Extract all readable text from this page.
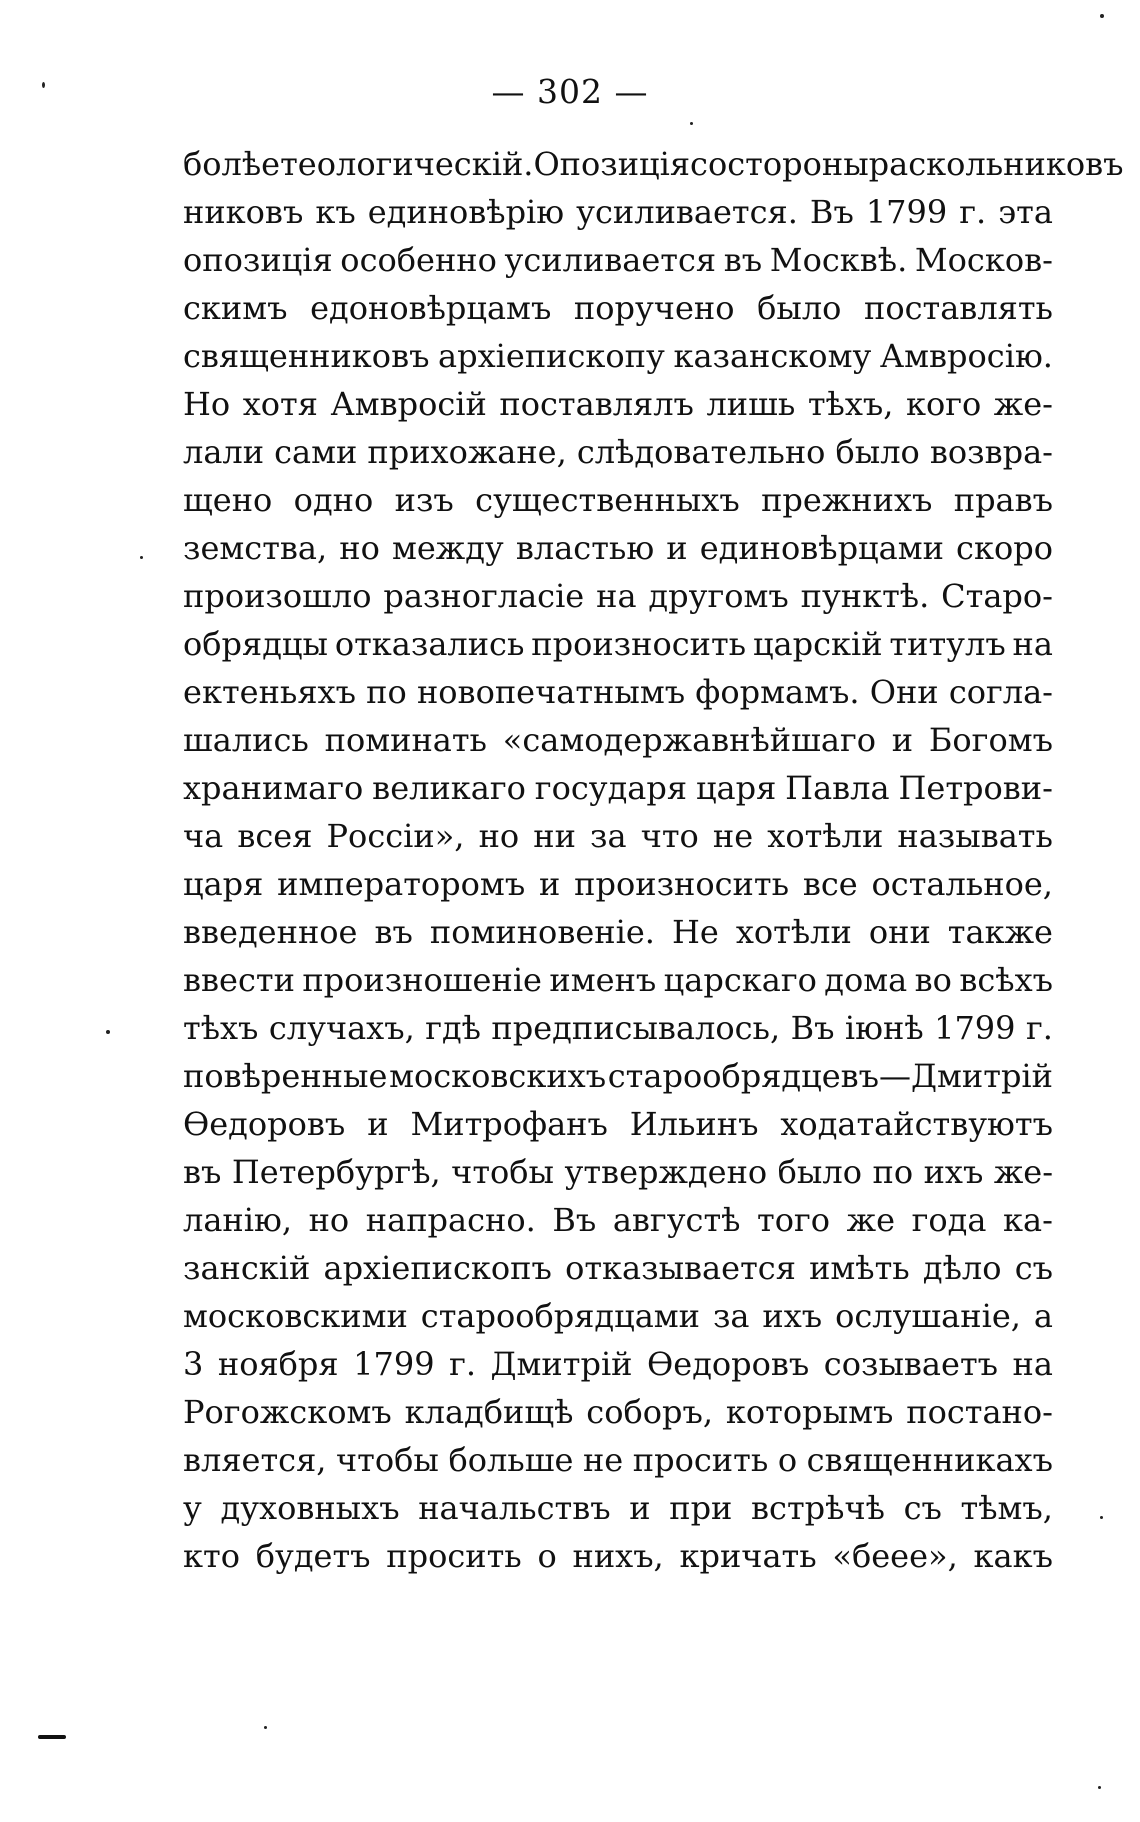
— 302 —
болѣе теологическій. Опозиція со стороны раскольниковъ
никовъ къ единовѣрію усиливается. Въ 1799 г. эта
опозиція особенно усиливается въ Москвѣ. Москов-
скимъ едоновѣрцамъ поручено было поставлять
священниковъ архіепископу казанскому Амвросію.
Но хотя Амвросій поставлялъ лишь тѣхъ, кого же-
лали сами прихожане, слѣдовательно было возвра-
щено одно изъ существенныхъ прежнихъ правъ
земства, но между властью и единовѣрцами скоро
произошло разногласіе на другомъ пунктѣ. Старо-
обрядцы отказались произносить царскій титулъ на
ектеньяхъ по новопечатнымъ формамъ. Они согла-
шались поминать «самодержавнѣйшаго и Богомъ
хранимаго великаго государя царя Павла Петрови-
ча всея Россіи», но ни за что не хотѣли называть
царя императоромъ и произносить все остальное,
введенное въ поминовеніе. Не хотѣли они также
ввести произношеніе именъ царскаго дома во всѣхъ
тѣхъ случахъ, гдѣ предписывалось, Въ іюнѣ 1799 г.
повѣренные московскихъ старообрядцевъ—Дмитрій
Өедоровъ и Митрофанъ Ильинъ ходатайствуютъ
въ Петербургѣ, чтобы утверждено было по ихъ же-
ланію, но напрасно. Въ августѣ того же года ка-
занскій архіепископъ отказывается имѣть дѣло съ
московскими старообрядцами за ихъ ослушаніе, а
3 ноября 1799 г. Дмитрій Өедоровъ созываетъ на
Рогожскомъ кладбищѣ соборъ, которымъ постано-
вляется, чтобы больше не просить о священникахъ
у духовныхъ начальствъ и при встрѣчѣ съ тѣмъ,
кто будетъ просить о нихъ, кричать «беее», какъ
